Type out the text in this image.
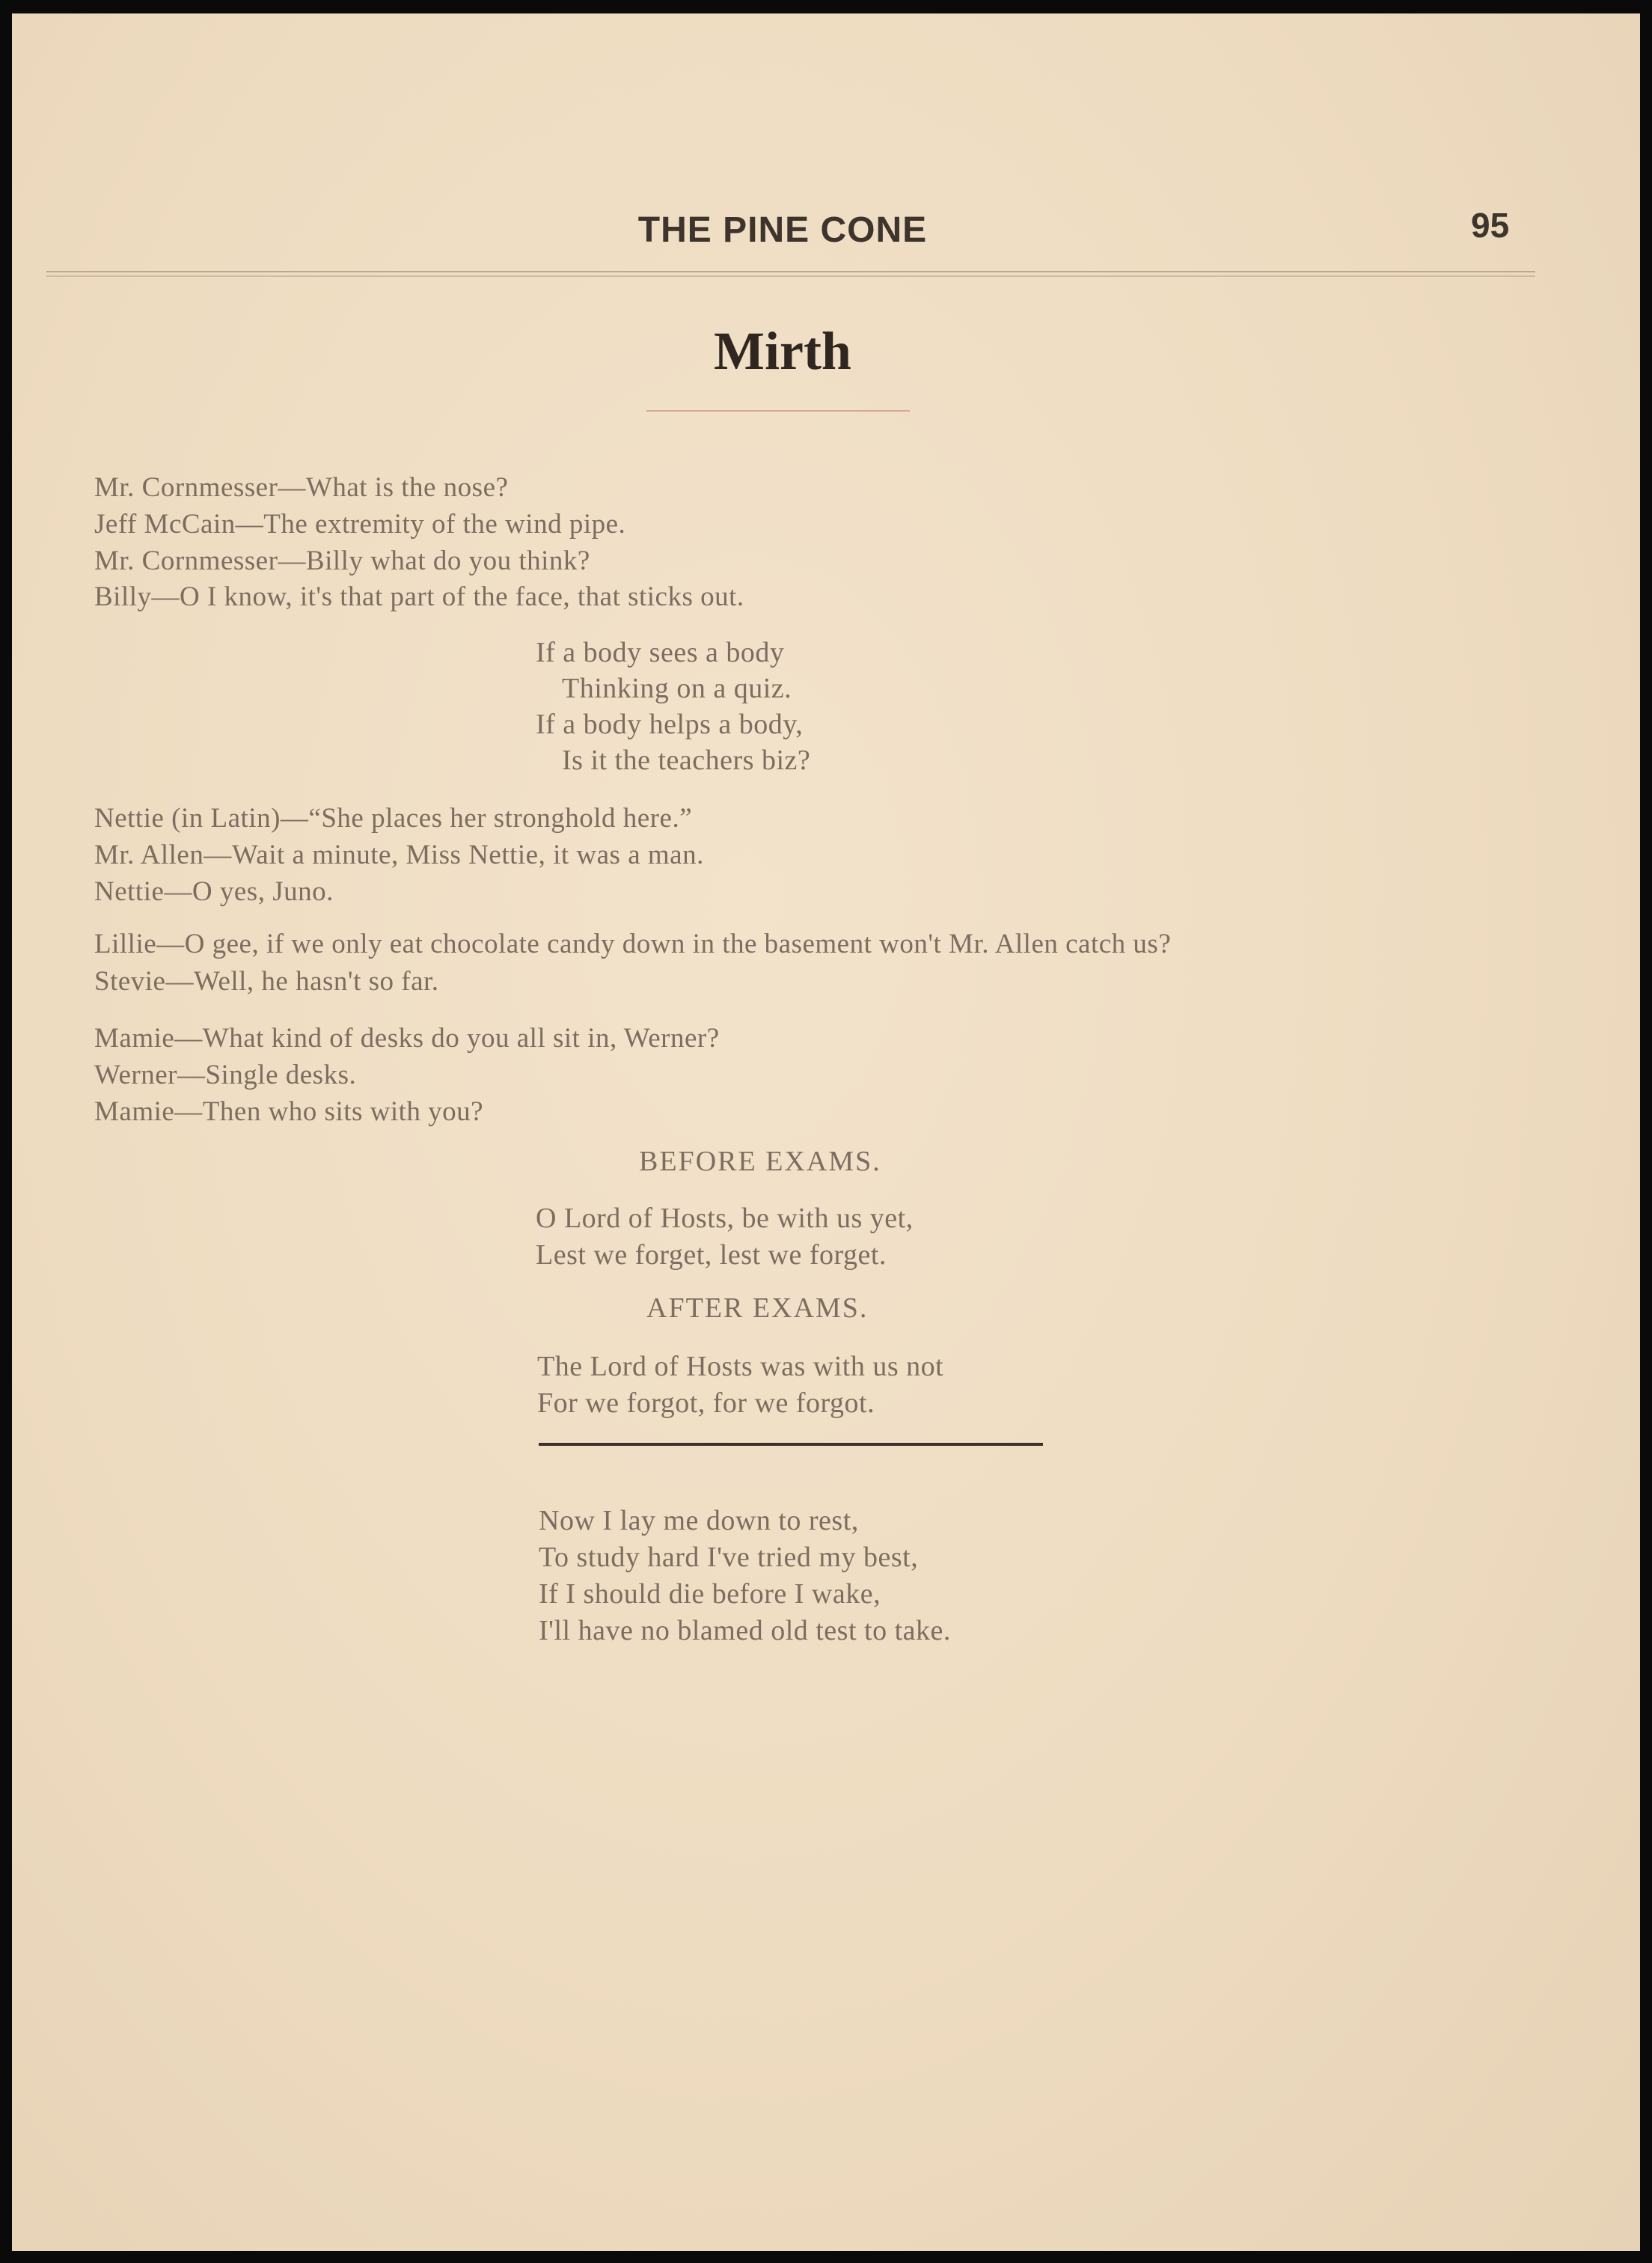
THE PINE CONE	95
Mirth
Mr. Cornmesser—What is the nose?
Jeff McCain—The extremity of the wind pipe.
Mr. Cornmesser—Billy what do you think?
Billy—O I know, it's that part of the face, that sticks out.
If a body sees a body
Thinking on a quiz.
If a body helps a body,
Is it the teachers biz?
Nettie (in Latin)—“She places her stronghold here.”
Mr. Allen—Wait a minute, Miss Nettie, it was a man.
Nettie—O yes, Juno.
Lillie—O gee, if we only eat chocolate candy down in the basement won't Mr. Allen catch us?
Stevie—Well, he hasn't so far.
Mamie—What kind of desks do you all sit in, Werner?
Werner—Single desks.
Mamie—Then who sits with you?
BEFORE EXAMS.
O Lord of Hosts, be with us yet,
Lest we forget, lest we forget.
AFTER EXAMS.
The Lord of Hosts was with us not
For we forgot, for we forgot.
Now I lay me down to rest,
To study hard I've tried my best,
If I should die before I wake,
I'll have no blamed old test to take.
